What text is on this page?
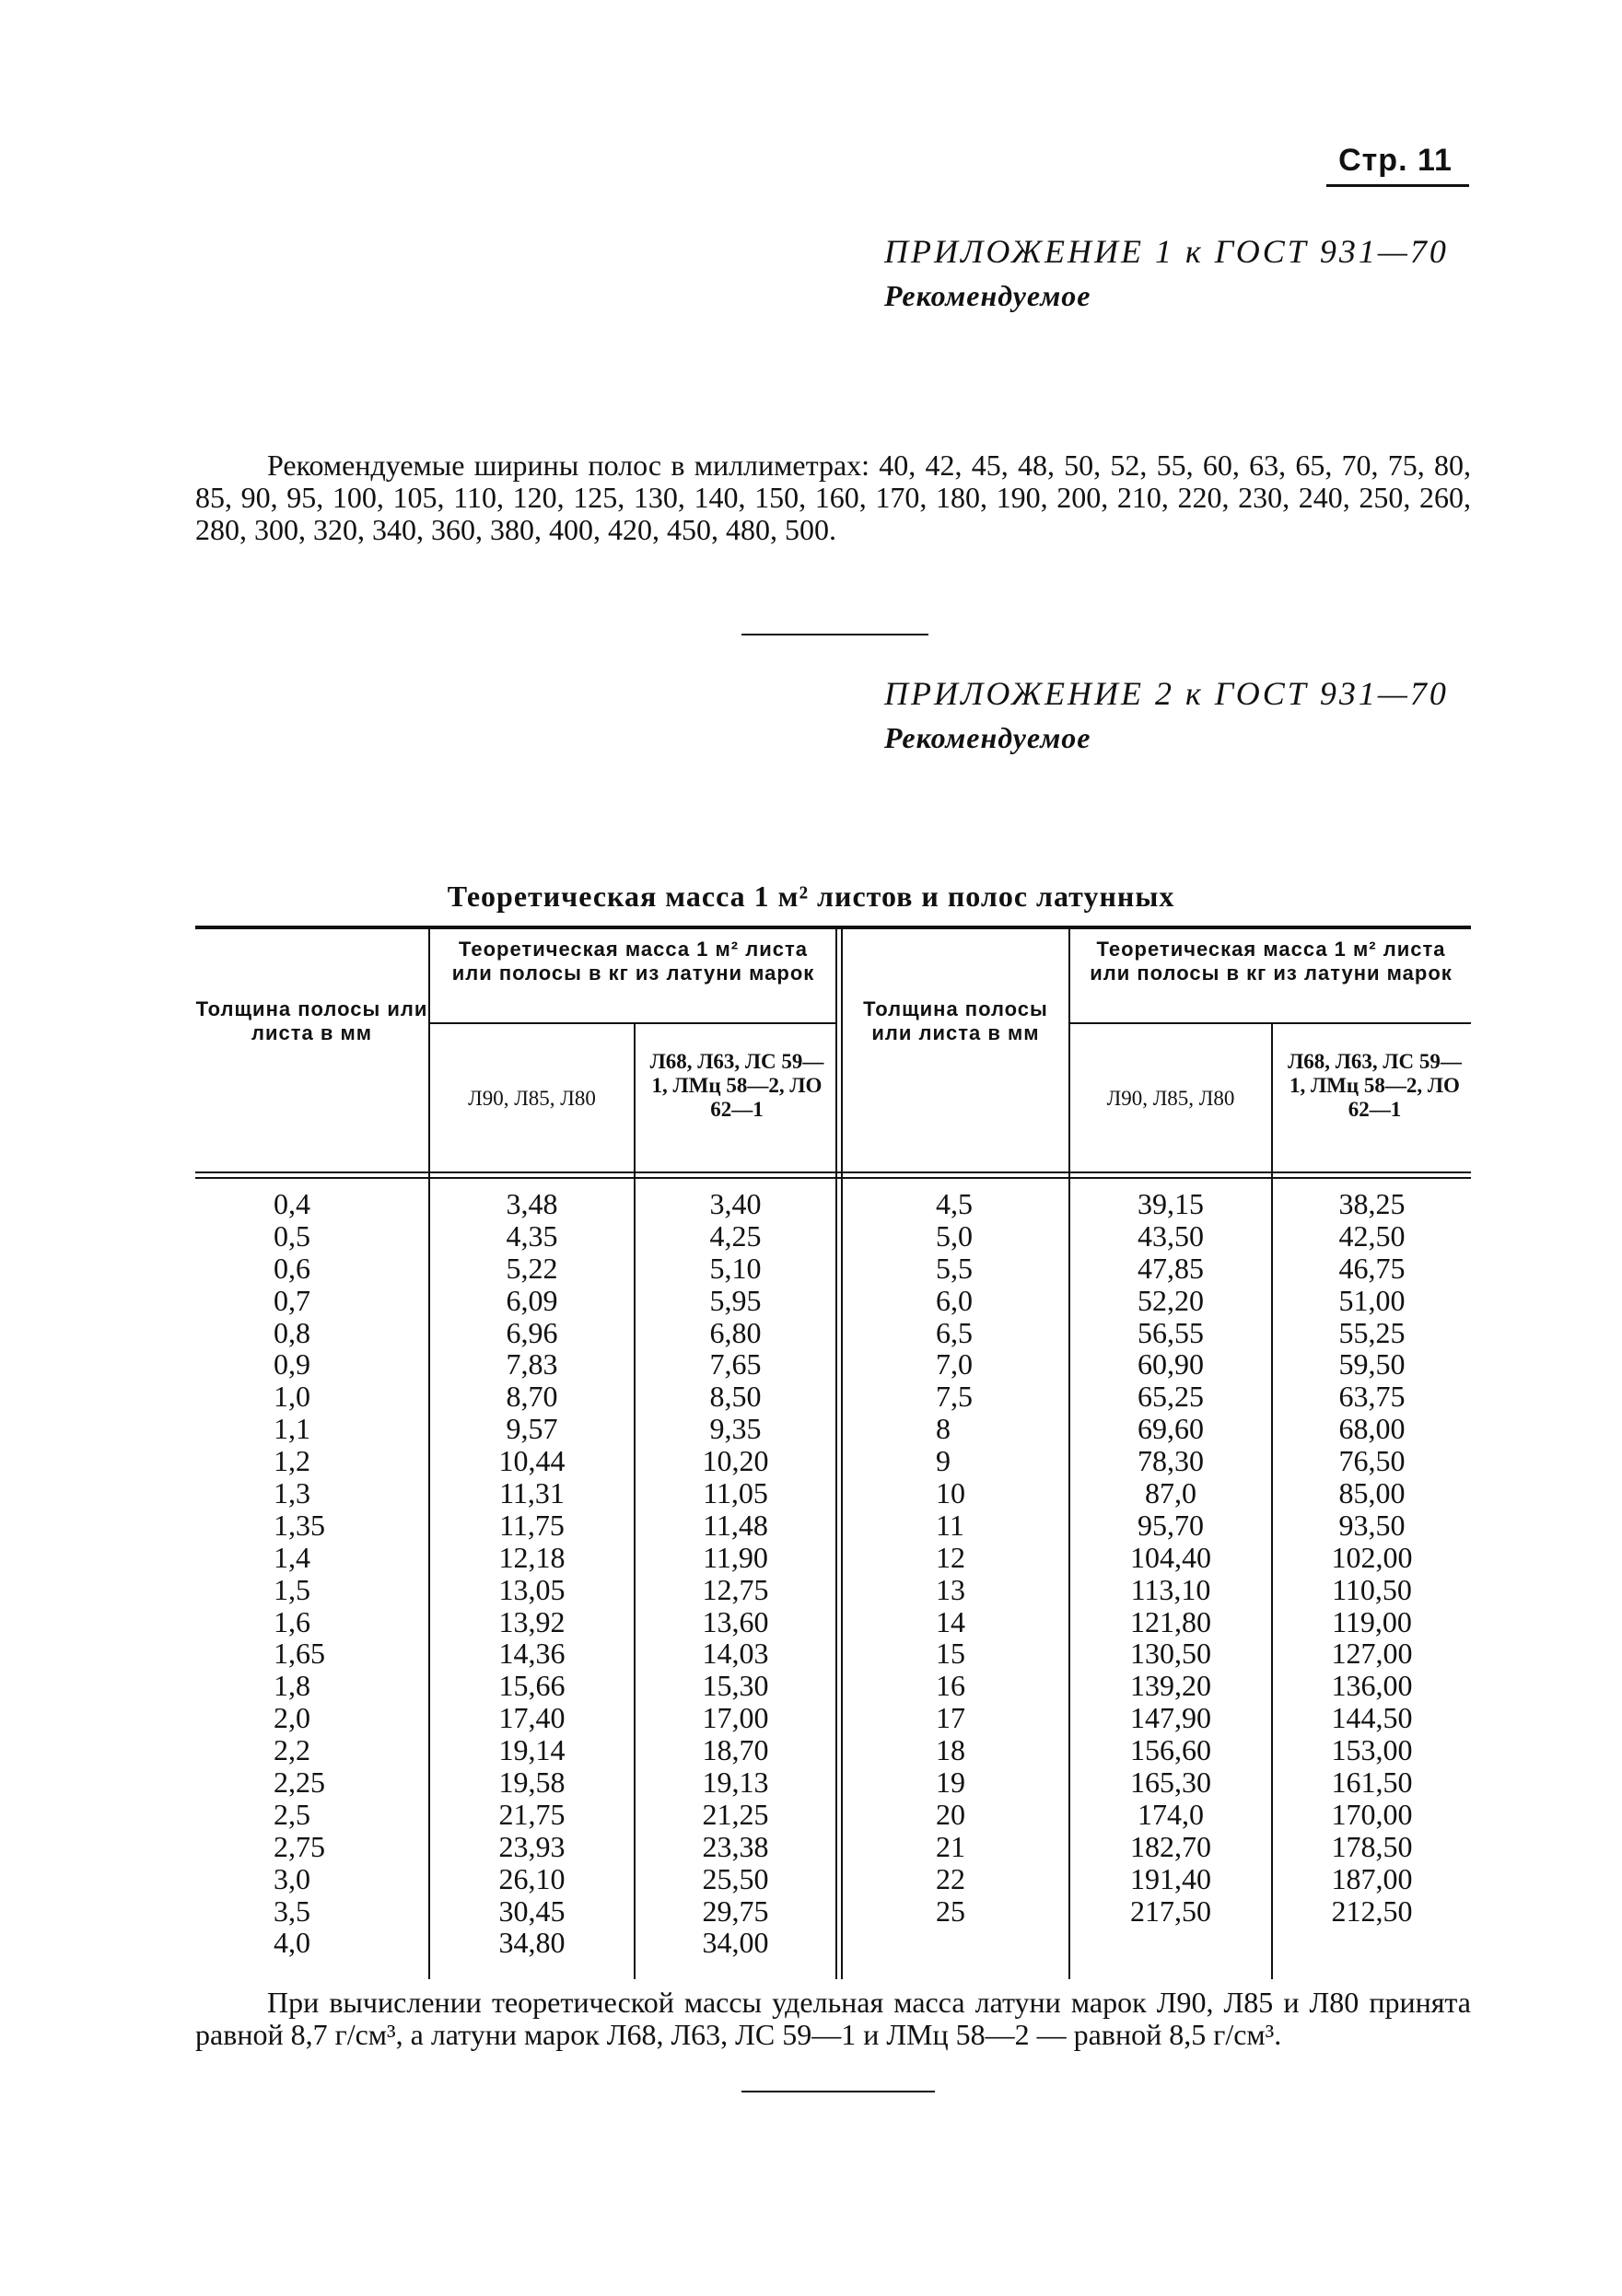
Стр. 11
ПРИЛОЖЕНИЕ 1 к ГОСТ 931—70
Рекомендуемое
Рекомендуемые ширины полос в миллиметрах: 40, 42, 45, 48, 50, 52, 55, 60, 63, 65, 70, 75, 80, 85, 90, 95, 100, 105, 110, 120, 125, 130, 140, 150, 160, 170, 180, 190, 200, 210, 220, 230, 240, 250, 260, 280, 300, 320, 340, 360, 380, 400, 420, 450, 480, 500.
ПРИЛОЖЕНИЕ 2 к ГОСТ 931—70
Рекомендуемое
Теоретическая масса 1 м² листов и полос латунных
Толщина полосы или листа в мм
Теоретическая масса 1 м² листа или полосы в кг из латуни марок
Л90, Л85, Л80
Л68, Л63, ЛС 59—1, ЛМц 58—2, ЛО 62—1
Толщина полосы или листа в мм
Теоретическая масса 1 м² листа или полосы в кг из латуни марок
Л90, Л85, Л80
Л68, Л63, ЛС 59—1, ЛМц 58—2, ЛО 62—1
0,4
0,5
0,6
0,7
0,8
0,9
1,0
1,1
1,2
1,3
1,35
1,4
1,5
1,6
1,65
1,8
2,0
2,2
2,25
2,5
2,75
3,0
3,5
4,0
3,48
4,35
5,22
6,09
6,96
7,83
8,70
9,57
10,44
11,31
11,75
12,18
13,05
13,92
14,36
15,66
17,40
19,14
19,58
21,75
23,93
26,10
30,45
34,80
3,40
4,25
5,10
5,95
6,80
7,65
8,50
9,35
10,20
11,05
11,48
11,90
12,75
13,60
14,03
15,30
17,00
18,70
19,13
21,25
23,38
25,50
29,75
34,00
4,5
5,0
5,5
6,0
6,5
7,0
7,5
8
9
10
11
12
13
14
15
16
17
18
19
20
21
22
25
39,15
43,50
47,85
52,20
56,55
60,90
65,25
69,60
78,30
87,0
95,70
104,40
113,10
121,80
130,50
139,20
147,90
156,60
165,30
174,0
182,70
191,40
217,50
38,25
42,50
46,75
51,00
55,25
59,50
63,75
68,00
76,50
85,00
93,50
102,00
110,50
119,00
127,00
136,00
144,50
153,00
161,50
170,00
178,50
187,00
212,50
При вычислении теоретической массы удельная масса латуни марок Л90, Л85 и Л80 принята равной 8,7 г/см³, а латуни марок Л68, Л63, ЛС 59—1 и ЛМц 58—2 — равной 8,5 г/см³.
